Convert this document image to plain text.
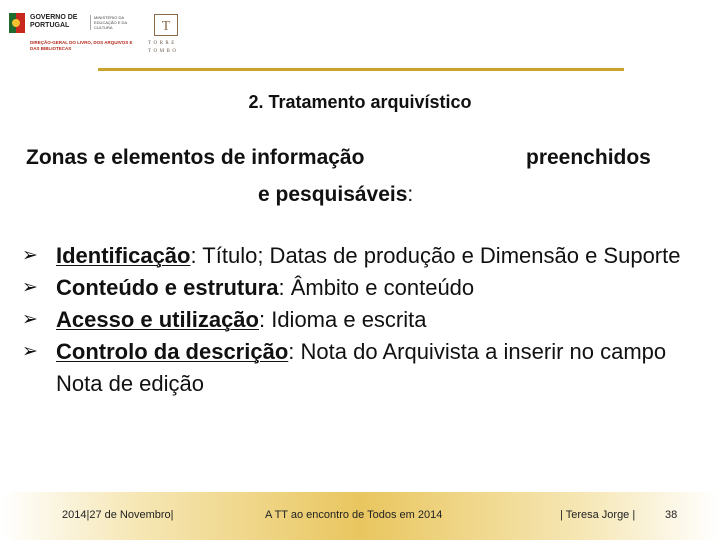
GOVERNO DE
PORTUGAL
MINISTÉRIO DA EDUCAÇÃO E DA CULTURA
DIREÇÃO-GERAL DO LIVRO, DOS ARQUIVOS E DAS BIBLIOTECAS
T
TORRE
TOMBO
2. Tratamento arquivístico
Zonas e elementos de informação	preenchidos
e pesquisáveis:
➢ Identificação: Título; Datas de produção e Dimensão e Suporte
➢ Conteúdo e estrutura: Âmbito e conteúdo
➢ Acesso e utilização: Idioma e escrita
➢ Controlo da descrição: Nota do Arquivista a inserir no campo Nota de edição
2014|27 de Novembro|	A TT ao encontro de Todos em 2014	| Teresa Jorge |	38
